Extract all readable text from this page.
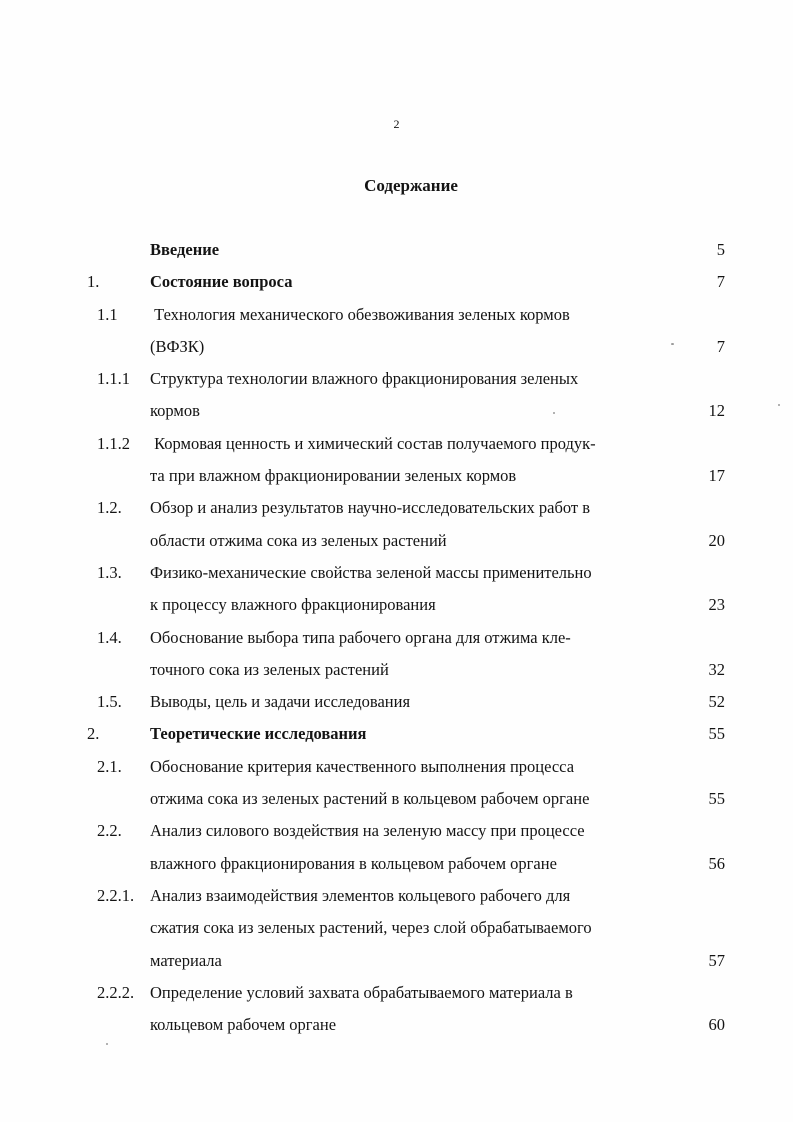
2
Содержание
Введение	5
1.	Состояние вопроса	7
1.1 Технология механического обезвоживания зеленых кормов
(ВФЗК)	7
1.1.1 Структура технологии влажного фракционирования зеленых
кормов	12
1.1.2 Кормовая ценность и химический состав получаемого продук-
та при влажном фракционировании зеленых кормов	17
1.2. Обзор и анализ результатов научно-исследовательских работ в
области отжима сока из зеленых растений	20
1.3. Физико-механические свойства зеленой массы применительно
к процессу влажного фракционирования	23
1.4. Обоснование выбора типа рабочего органа для отжима кле-
точного сока из зеленых растений	32
1.5. Выводы, цель и задачи исследования	52
2.	Теоретические исследования	55
2.1. Обоснование критерия качественного выполнения процесса
отжима сока из зеленых растений в кольцевом рабочем органе	55
2.2. Анализ силового воздействия на зеленую массу при процессе
влажного фракционирования в кольцевом рабочем органе	56
2.2.1. Анализ взаимодействия элементов кольцевого рабочего для
сжатия сока из зеленых растений, через слой обрабатываемого
материала	57
2.2.2. Определение условий захвата обрабатываемого материала в
кольцевом рабочем органе	60
